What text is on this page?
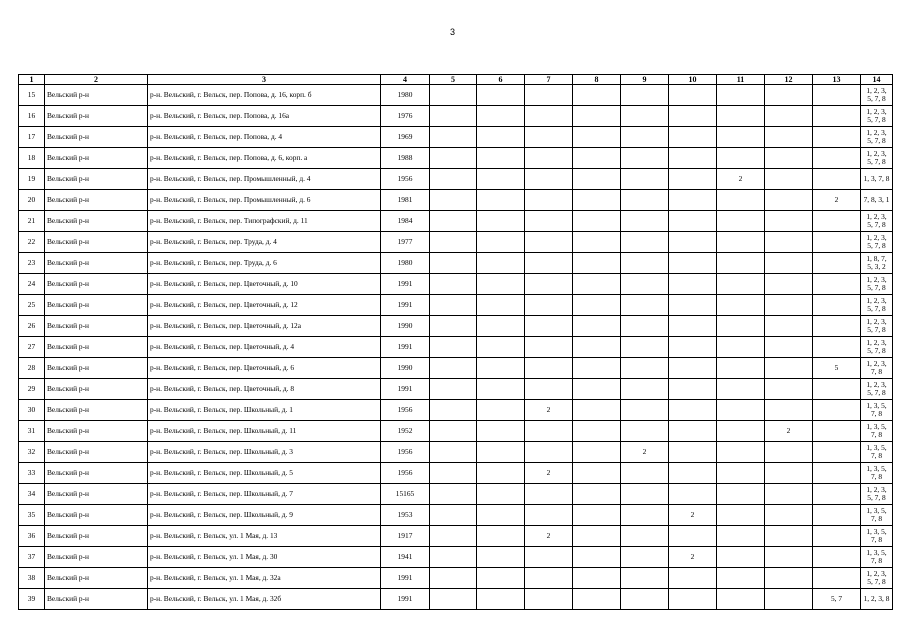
3
1	2	3	4	5	6	7	8	9	10	11	12	13	14
15	Вельский р-н	р-н. Вельский, г. Вельск, пер. Попова, д. 16, корп. б	1980										1, 2, 3, 5, 7, 8
16	Вельский р-н	р-н. Вельский, г. Вельск, пер. Попова, д. 16а	1976										1, 2, 3, 5, 7, 8
17	Вельский р-н	р-н. Вельский, г. Вельск, пер. Попова, д. 4	1969										1, 2, 3, 5, 7, 8
18	Вельский р-н	р-н. Вельский, г. Вельск, пер. Попова, д. 6, корп. а	1988										1, 2, 3, 5, 7, 8
19	Вельский р-н	р-н. Вельский, г. Вельск, пер. Промышленный, д. 4	1956							2			1, 3, 7, 8
20	Вельский р-н	р-н. Вельский, г. Вельск, пер. Промышленный, д. 6	1981									2	7, 8, 3, 1
21	Вельский р-н	р-н. Вельский, г. Вельск, пер. Типографский, д. 11	1984										1, 2, 3, 5, 7, 8
22	Вельский р-н	р-н. Вельский, г. Вельск, пер. Труда, д. 4	1977										1, 2, 3, 5, 7, 8
23	Вельский р-н	р-н. Вельский, г. Вельск, пер. Труда, д. 6	1980										1, 8, 7, 5, 3, 2
24	Вельский р-н	р-н. Вельский, г. Вельск, пер. Цветочный, д. 10	1991										1, 2, 3, 5, 7, 8
25	Вельский р-н	р-н. Вельский, г. Вельск, пер. Цветочный, д. 12	1991										1, 2, 3, 5, 7, 8
26	Вельский р-н	р-н. Вельский, г. Вельск, пер. Цветочный, д. 12а	1990										1, 2, 3, 5, 7, 8
27	Вельский р-н	р-н. Вельский, г. Вельск, пер. Цветочный, д. 4	1991										1, 2, 3, 5, 7, 8
28	Вельский р-н	р-н. Вельский, г. Вельск, пер. Цветочный, д. 6	1990									5	1, 2, 3, 7, 8
29	Вельский р-н	р-н. Вельский, г. Вельск, пер. Цветочный, д. 8	1991										1, 2, 3, 5, 7, 8
30	Вельский р-н	р-н. Вельский, г. Вельск, пер. Школьный, д. 1	1956			2							1, 3, 5, 7, 8
31	Вельский р-н	р-н. Вельский, г. Вельск, пер. Школьный, д. 11	1952								2		1, 3, 5, 7, 8
32	Вельский р-н	р-н. Вельский, г. Вельск, пер. Школьный, д. 3	1956					2					1, 3, 5, 7, 8
33	Вельский р-н	р-н. Вельский, г. Вельск, пер. Школьный, д. 5	1956			2							1, 3, 5, 7, 8
34	Вельский р-н	р-н. Вельский, г. Вельск, пер. Школьный, д. 7	15165										1, 2, 3, 5, 7, 8
35	Вельский р-н	р-н. Вельский, г. Вельск, пер. Школьный, д. 9	1953						2				1, 3, 5, 7, 8
36	Вельский р-н	р-н. Вельский, г. Вельск, ул. 1 Мая, д. 13	1917			2							1, 3, 5, 7, 8
37	Вельский р-н	р-н. Вельский, г. Вельск, ул. 1 Мая, д. 30	1941						2				1, 3, 5, 7, 8
38	Вельский р-н	р-н. Вельский, г. Вельск, ул. 1 Мая, д. 32а	1991										1, 2, 3, 5, 7, 8
39	Вельский р-н	р-н. Вельский, г. Вельск, ул. 1 Мая, д. 32б	1991									5, 7	1, 2, 3, 8
